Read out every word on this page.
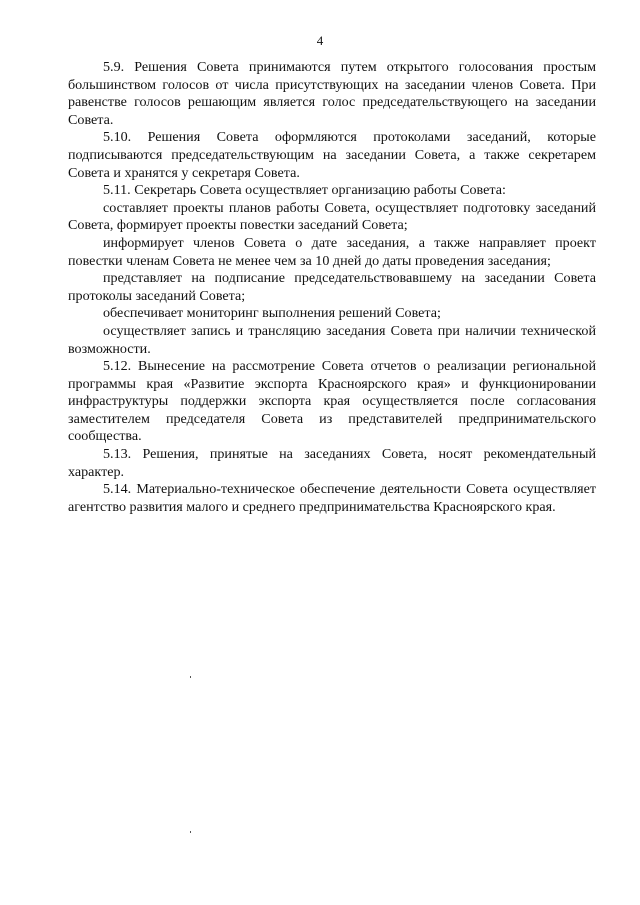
4

5.9. Решения Совета принимаются путем открытого голосования простым большинством голосов от числа присутствующих на заседании членов Совета. При равенстве голосов решающим является голос председательствующего на заседании Совета.

5.10. Решения Совета оформляются протоколами заседаний, которые подписываются председательствующим на заседании Совета, а также секретарем Совета и хранятся у секретаря Совета.

5.11. Секретарь Совета осуществляет организацию работы Совета:

составляет проекты планов работы Совета, осуществляет подготовку заседаний Совета, формирует проекты повестки заседаний Совета;

информирует членов Совета о дате заседания, а также направляет проект повестки членам Совета не менее чем за 10 дней до даты проведения заседания;

представляет на подписание председательствовавшему на заседании Совета протоколы заседаний Совета;

обеспечивает мониторинг выполнения решений Совета;

осуществляет запись и трансляцию заседания Совета при наличии технической возможности.

5.12. Вынесение на рассмотрение Совета отчетов о реализации региональной программы края «Развитие экспорта Красноярского края» и функционировании инфраструктуры поддержки экспорта края осуществляется после согласования заместителем председателя Совета из представителей предпринимательского сообщества.

5.13. Решения, принятые на заседаниях Совета, носят рекомендательный характер.

5.14. Материально-техническое обеспечение деятельности Совета осуществляет агентство развития малого и среднего предпринимательства Красноярского края.
